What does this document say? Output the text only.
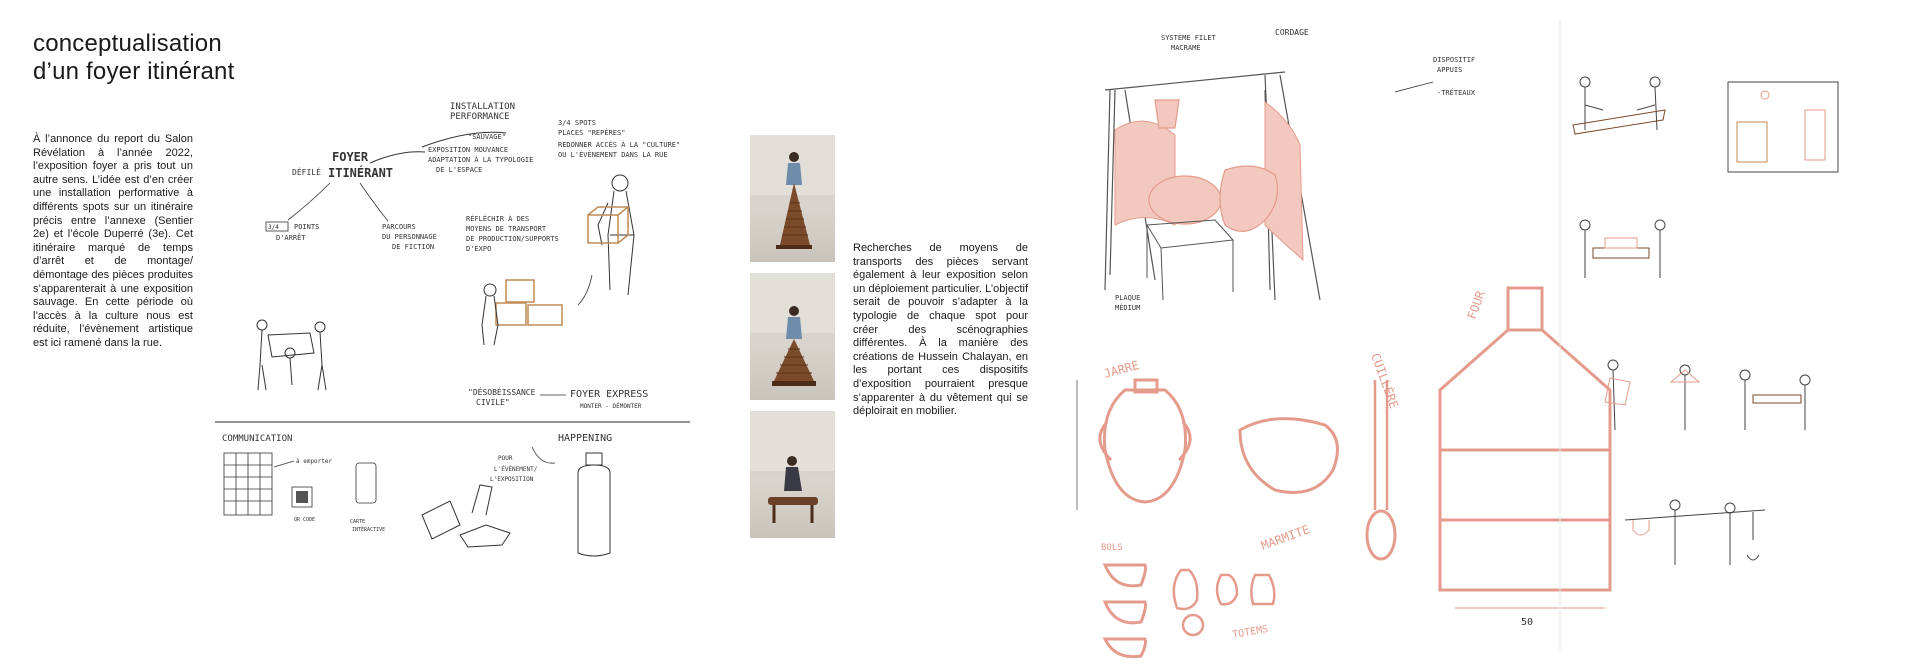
conceptualisation
d’un foyer itinérant

À l’annonce du report du Salon Révélation à l’année 2022, l’exposition foyer a pris tout un autre sens. L’idée est d’en créer une installation performative à différents spots sur un itinéraire précis entre l’annexe (Sentier 2e) et l’école Duperré (3e). Cet itinéraire marqué de temps d’arrêt et de montage/ démontage des pièces produites s’apparenterait à une exposition sauvage. En cette période où l’accès à la culture nous est réduite, l’évènement artistique est ici ramené dans la rue.

INSTALLATION
PERFORMANCE
"SAUVAGE"
EXPOSITION MOUVANCE
ADAPTATION À LA TYPOLOGIE
DE L'ESPACE
3/4 SPOTS
PLACES "REPÈRES"
REDONNER ACCÈS À LA "CULTURE"
OU L'ÉVÈNEMENT DANS LA RUE
FOYER
ITINÉRANT
DÉFILÉ
3/4 POINTS
D'ARRÊT
PARCOURS
DU PERSONNAGE
DE FICTION
RÉFLÉCHIR À DES
MOYENS DE TRANSPORT
DE PRODUCTION/SUPPORTS
D'EXPO
"DÉSOBÉISSANCE
CIVILE"
FOYER EXPRESS
MONTER - DÉMONTER
COMMUNICATION
à emporter
QR CODE	CARTE
INTÉRACTIVE
HAPPENING
POUR
L'ÉVÈNEMENT/
L'EXPOSITION

Recherches de moyens de transports des pièces servant également à leur exposition selon un déploiement particulier. L’objectif serait de pouvoir s’adapter à la typologie de chaque spot pour créer des scénographies différentes. À la manière des créations de Hussein Chalayan, en les portant ces dispositifs d’exposition pourraient presque s’apparenter à du vêtement qui se déploirait en mobilier.

SYSTÈME FILET
MACRAMÉ
CORDAGE
DISPOSITIF
APPUIS
-TRÉTEAUX
PLAQUE
MÉDIUM
JARRE
MARMITE
CUILLÈRE
FOUR
50
BOLS
TOTEMS
